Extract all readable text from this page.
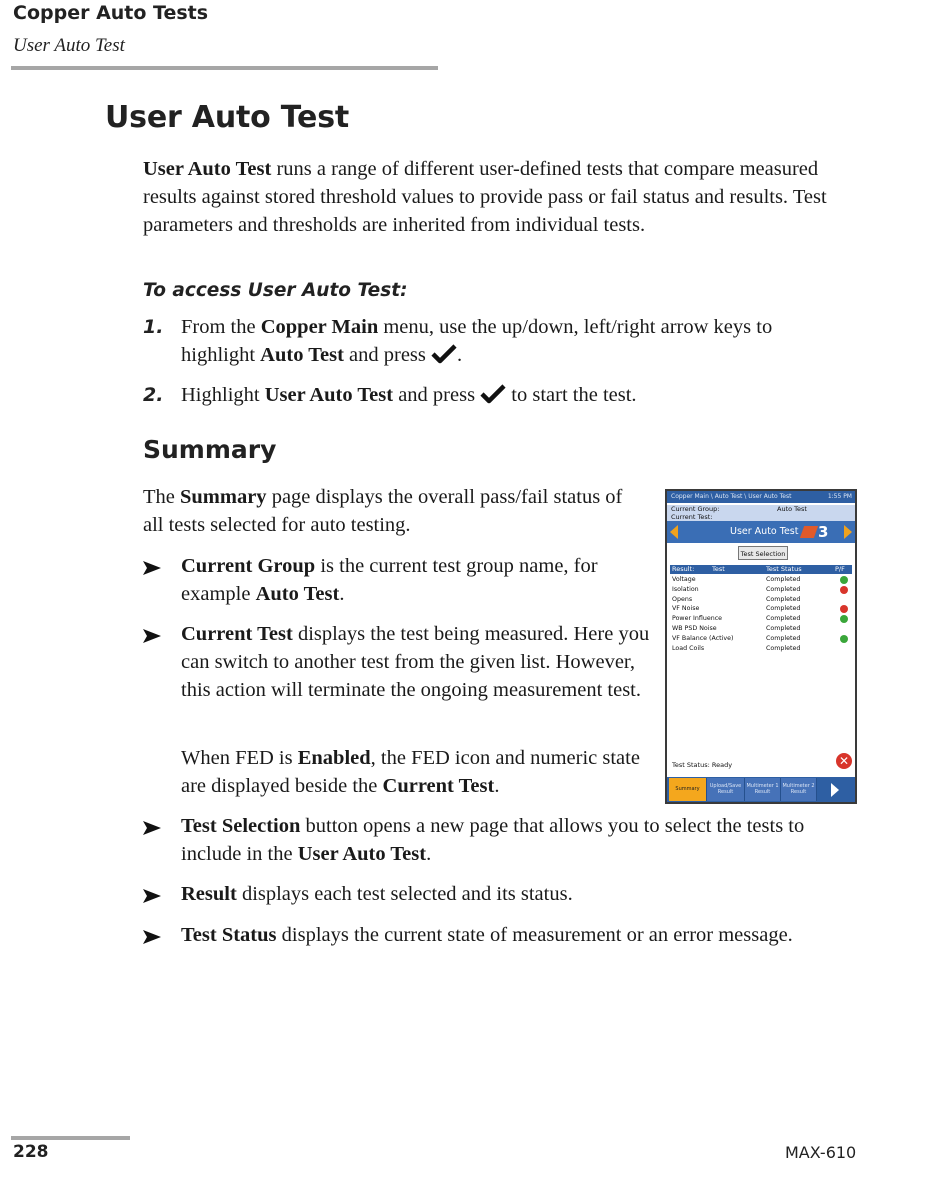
Copper Auto Tests
User Auto Test
User Auto Test
User Auto Test runs a range of different user-defined tests that compare measured results against stored threshold values to provide pass or fail status and results. Test parameters and thresholds are inherited from individual tests.
To access User Auto Test:
1. From the Copper Main menu, use the up/down, left/right arrow keys to highlight Auto Test and press .
2. Highlight User Auto Test and press  to start the test.
Summary
The Summary page displays the overall pass/fail status of all tests selected for auto testing.
Current Group is the current test group name, for example Auto Test.
Current Test displays the test being measured. Here you can switch to another test from the given list. However, this action will terminate the ongoing measurement test.
When FED is Enabled, the FED icon and numeric state are displayed beside the Current Test.
Test Selection button opens a new page that allows you to select the tests to include in the User Auto Test.
Result displays each test selected and its status.
Test Status displays the current state of measurement or an error message.
Copper Main \ Auto Test \ User Auto Test	1:55 PM
Current Group:	Auto Test
Current Test:
User Auto Test 3
Test Selection
Result:	Test	Test Status	P/F
Voltage	Completed
Isolation	Completed
Opens	Completed
VF Noise	Completed
Power Influence	Completed
WB PSD Noise	Completed
VF Balance (Active)	Completed
Load Coils	Completed
Test Status: Ready	✕
Summary	Upload/Save Result
Multimeter 1 Result
Multimeter 2 Result
228	MAX-610
